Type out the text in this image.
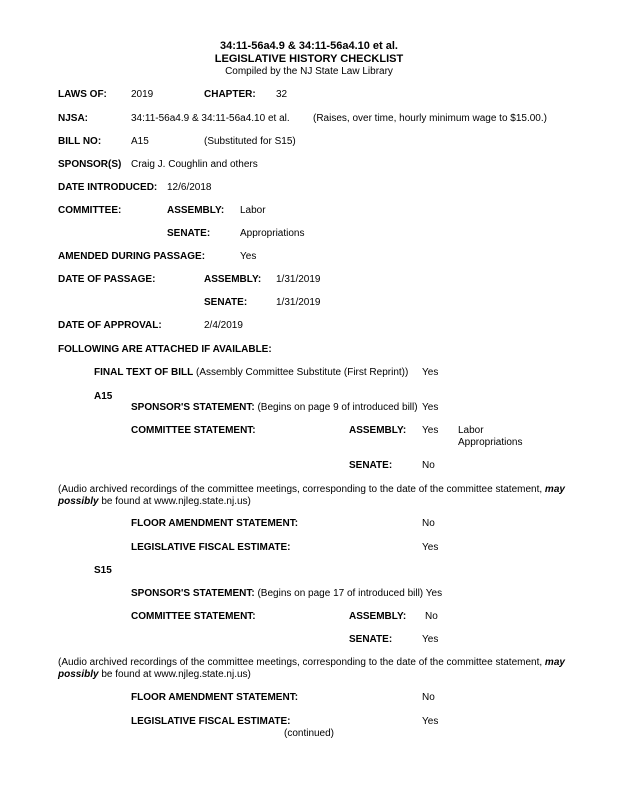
34:11-56a4.9 & 34:11-56a4.10 et al.
LEGISLATIVE HISTORY CHECKLIST
Compiled by the NJ State Law Library
LAWS OF: 2019	CHAPTER: 32
NJSA:	34:11-56a4.9 & 34:11-56a4.10 et al. (Raises, over time, hourly minimum wage to $15.00.)
BILL NO:	A15	(Substituted for S15)
SPONSOR(S) Craig J. Coughlin and others
DATE INTRODUCED: 12/6/2018
COMMITTEE:	ASSEMBLY: Labor
SENATE:	Appropriations
AMENDED DURING PASSAGE:	Yes
DATE OF PASSAGE:	ASSEMBLY: 1/31/2019
SENATE:	1/31/2019
DATE OF APPROVAL:	2/4/2019
FOLLOWING ARE ATTACHED IF AVAILABLE:
FINAL TEXT OF BILL (Assembly Committee Substitute (First Reprint)) Yes
A15
SPONSOR'S STATEMENT: (Begins on page 9 of introduced bill) Yes
COMMITTEE STATEMENT:	ASSEMBLY: Yes Labor
Appropriations
SENATE:	No
(Audio archived recordings of the committee meetings, corresponding to the date of the committee statement, may possibly be found at www.njleg.state.nj.us)
FLOOR AMENDMENT STATEMENT:	No
LEGISLATIVE FISCAL ESTIMATE:	Yes
S15
SPONSOR'S STATEMENT: (Begins on page 17 of introduced bill) Yes
COMMITTEE STATEMENT:	ASSEMBLY: No
SENATE:	Yes
(Audio archived recordings of the committee meetings, corresponding to the date of the committee statement, may possibly be found at www.njleg.state.nj.us)
FLOOR AMENDMENT STATEMENT:	No
LEGISLATIVE FISCAL ESTIMATE:	Yes
(continued)
